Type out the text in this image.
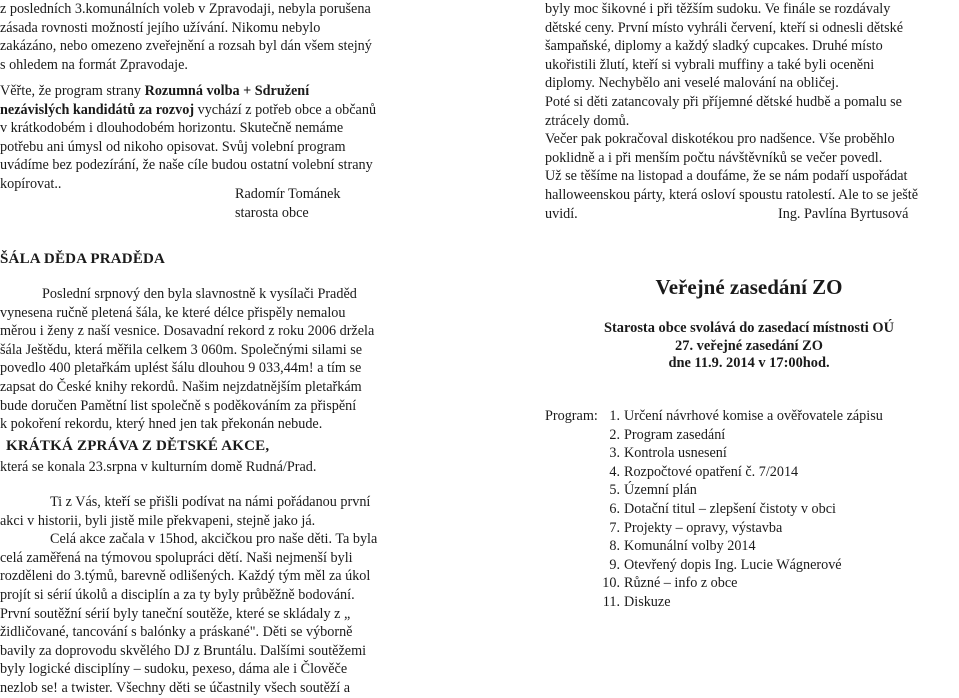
z posledních 3.komunálních voleb v Zpravodaji, nebyla porušena
zásada rovnosti možností jejího užívání. Nikomu nebylo
zakázáno, nebo omezeno zveřejnění a rozsah byl dán všem stejný
s ohledem na formát Zpravodaje.
Věřte, že program strany Rozumná volba + Sdružení
nezávislých kandidátů za rozvoj vychází z potřeb obce a občanů
v krátkodobém i dlouhodobém horizontu. Skutečně nemáme
potřebu ani úmysl od nikoho opisovat. Svůj volební program
uvádíme bez podezírání, že naše cíle budou ostatní volební strany
kopírovat..
Radomír Tománek
starosta obce
ŠÁLA DĚDA PRADĚDA
Poslední srpnový den byla slavnostně k vysílači Praděd
vynesena ručně pletená šála, ke které délce přispěly nemalou
měrou i ženy z naší vesnice. Dosavadní rekord z roku 2006 držela
šála Ještědu, která měřila celkem 3 060m. Společnými silami se
povedlo 400 pletařkám uplést šálu dlouhou 9 033,44m! a tím se
zapsat do České knihy rekordů. Našim nejzdatnějším pletařkám
bude doručen Pamětní list společně s poděkováním za přispění
k pokoření rekordu, který hned jen tak překonán nebude.
KRÁTKÁ ZPRÁVA Z DĚTSKÉ AKCE,
která se konala 23.srpna v kulturním domě Rudná/Prad.
Ti z Vás, kteří se přišli podívat na námi pořádanou první
akci v historii, byli jistě mile překvapeni, stejně jako já.
Celá akce začala v 15hod, akcičkou pro naše děti. Ta byla
celá zaměřená na týmovou spolupráci dětí. Naši nejmenší byli
rozděleni do 3.týmů, barevně odlišených. Každý tým měl za úkol
projít si sérií úkolů a disciplín a za ty byly průběžně bodování.
První soutěžní sérií byly taneční soutěže, které se skládaly z „
židličované, tancování s balónky a práskané". Děti se výborně
bavily za doprovodu skvělého DJ z Bruntálu. Dalšími soutěžemi
byly logické disciplíny – sudoku, pexeso, dáma ale i Člověče
nezlob se! a twister. Všechny děti se účastnily všech soutěží a
byly moc šikovné i při těžším sudoku. Ve finále se rozdávaly
dětské ceny. První místo vyhráli červení, kteří si odnesli dětské
šampaňské, diplomy a každý sladký cupcakes. Druhé místo
ukořistili žlutí, kteří si vybrali muffiny a také byli oceněni
diplomy. Nechybělo ani veselé malování na obličej.
Poté si děti zatancovaly při příjemné dětské hudbě a pomalu se
ztrácely domů.
Večer pak pokračoval diskotékou pro nadšence. Vše proběhlo
poklidně a i při menším počtu návštěvníků se večer povedl.
Už se těšíme na listopad a doufáme, že se nám podaří uspořádat
halloweenskou párty, která osloví spoustu ratolestí. Ale to se ještě
uvidí.	Ing. Pavlína Byrtusová
Veřejné zasedání ZO
Starosta obce svolává do zasedací místnosti OÚ
27. veřejné zasedání ZO
dne 11.9. 2014 v 17:00hod.
Program: 1. Určení návrhové komise a ověřovatele zápisu
2. Program zasedání
3. Kontrola usnesení
4. Rozpočtové opatření č. 7/2014
5. Územní plán
6. Dotační titul – zlepšení čistoty v obci
7. Projekty – opravy, výstavba
8. Komunální volby 2014
9. Otevřený dopis Ing. Lucie Wágnerové
10. Různé – info z obce
11. Diskuze
